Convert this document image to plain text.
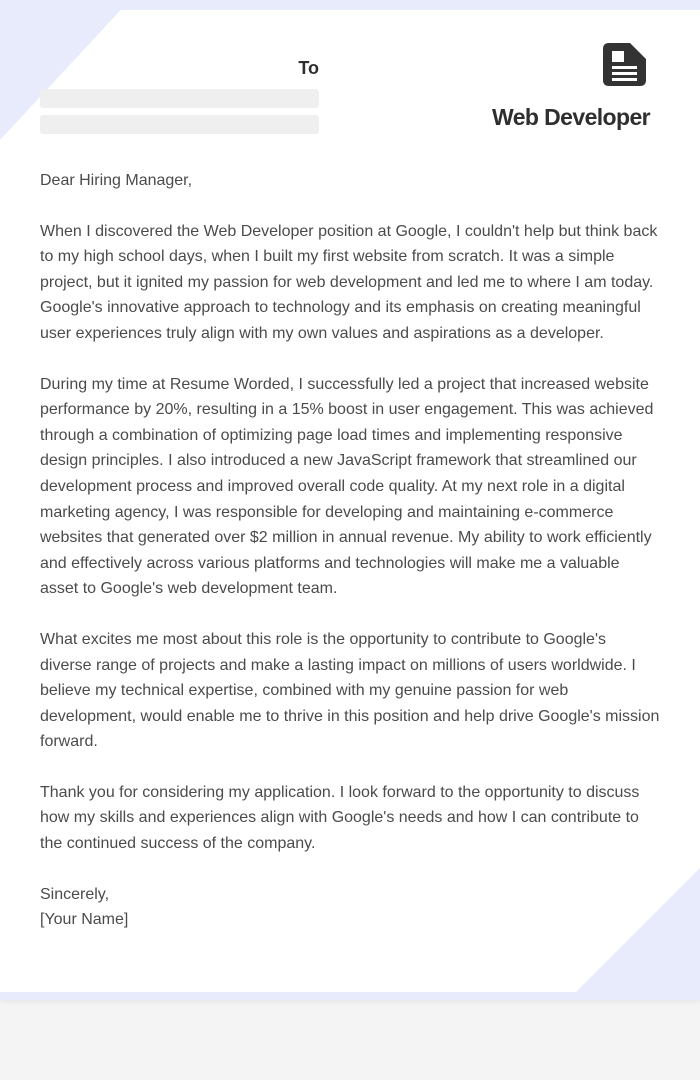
To
Web Developer

Dear Hiring Manager,

When I discovered the Web Developer position at Google, I couldn't help but think back to my high school days, when I built my first website from scratch. It was a simple project, but it ignited my passion for web development and led me to where I am today. Google's innovative approach to technology and its emphasis on creating meaningful user experiences truly align with my own values and aspirations as a developer.

During my time at Resume Worded, I successfully led a project that increased website performance by 20%, resulting in a 15% boost in user engagement. This was achieved through a combination of optimizing page load times and implementing responsive design principles. I also introduced a new JavaScript framework that streamlined our development process and improved overall code quality. At my next role in a digital marketing agency, I was responsible for developing and maintaining e-commerce websites that generated over $2 million in annual revenue. My ability to work efficiently and effectively across various platforms and technologies will make me a valuable asset to Google's web development team.

What excites me most about this role is the opportunity to contribute to Google's diverse range of projects and make a lasting impact on millions of users worldwide. I believe my technical expertise, combined with my genuine passion for web development, would enable me to thrive in this position and help drive Google's mission forward.

Thank you for considering my application. I look forward to the opportunity to discuss how my skills and experiences align with Google's needs and how I can contribute to the continued success of the company.

Sincerely,

[Your Name]
